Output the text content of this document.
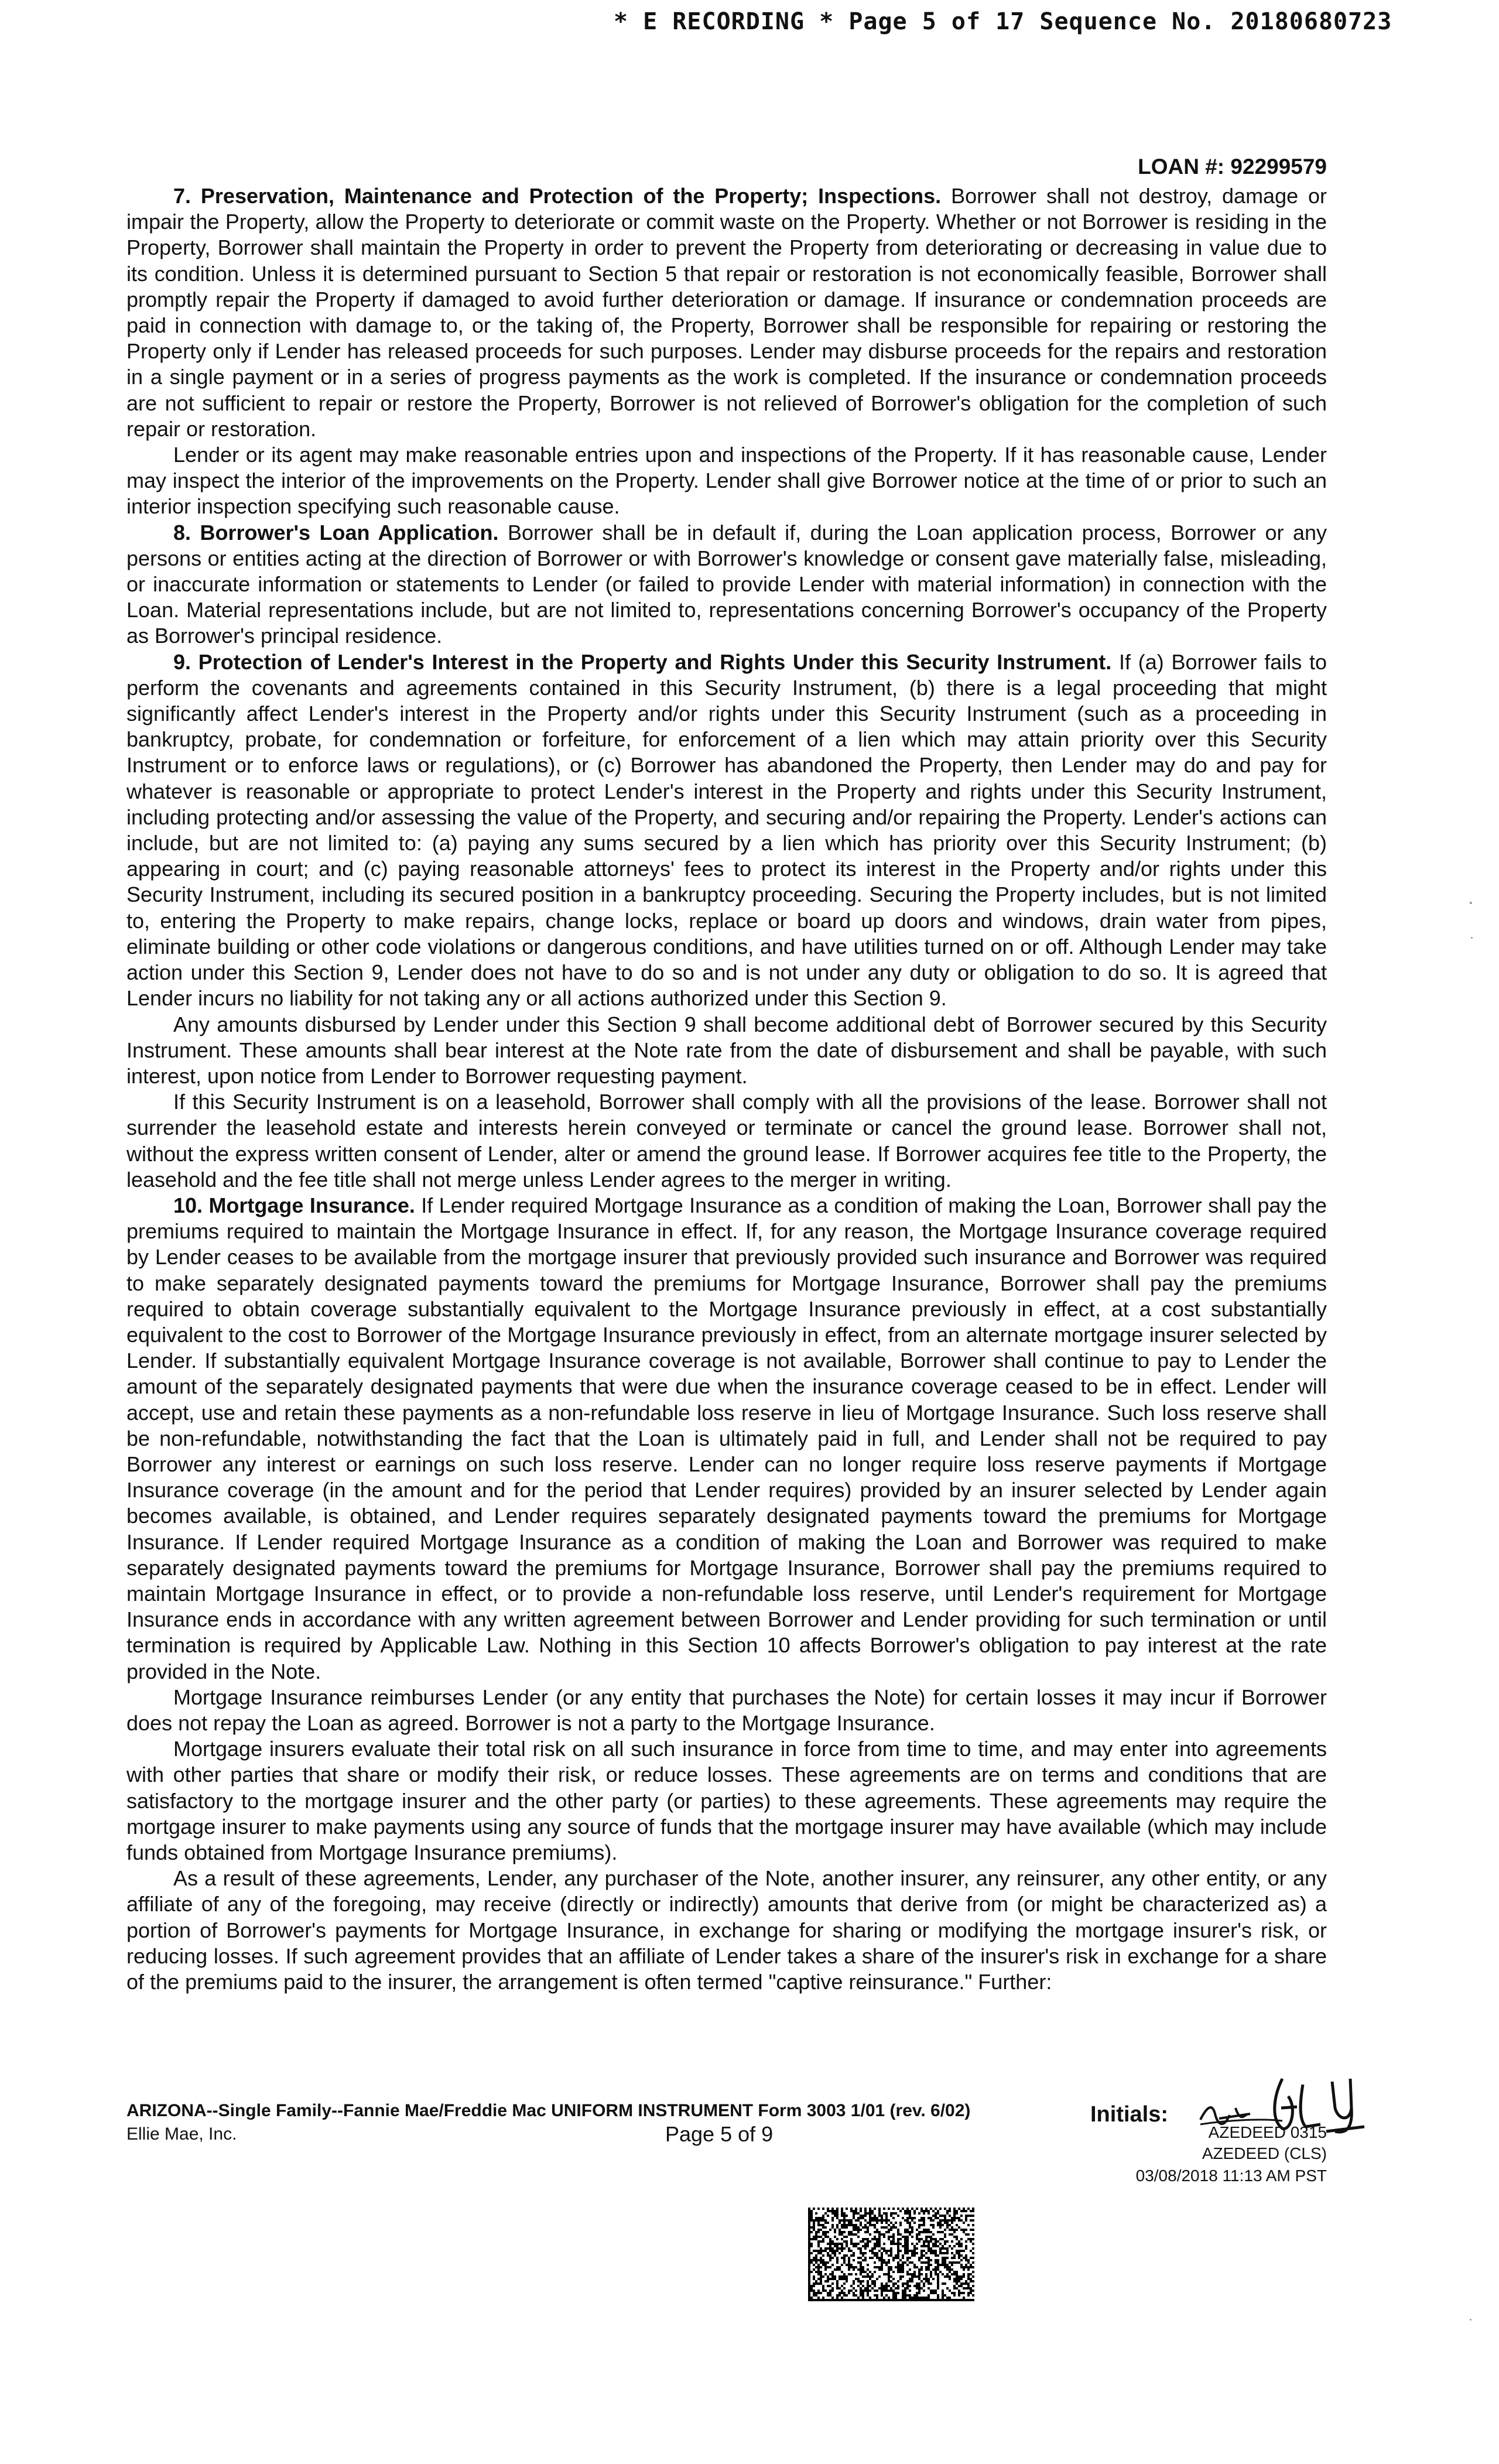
* E RECORDING * Page 5 of 17 Sequence No. 20180680723
LOAN #: 92299579

7. Preservation, Maintenance and Protection of the Property; Inspections. Borrower shall not destroy, damage or impair the Property, allow the Property to deteriorate or commit waste on the Property. Whether or not Borrower is residing in the Property, Borrower shall maintain the Property in order to prevent the Property from deteriorating or decreasing in value due to its condition. Unless it is determined pursuant to Section 5 that repair or restoration is not economically feasible, Borrower shall promptly repair the Property if damaged to avoid further deterioration or damage. If insurance or condemnation proceeds are paid in connection with damage to, or the taking of, the Property, Borrower shall be responsible for repairing or restoring the Property only if Lender has released proceeds for such purposes. Lender may disburse proceeds for the repairs and restoration in a single payment or in a series of progress payments as the work is completed. If the insurance or condemnation proceeds are not sufficient to repair or restore the Property, Borrower is not relieved of Borrower's obligation for the completion of such repair or restoration.

Lender or its agent may make reasonable entries upon and inspections of the Property. If it has reasonable cause, Lender may inspect the interior of the improvements on the Property. Lender shall give Borrower notice at the time of or prior to such an interior inspection specifying such reasonable cause.

8. Borrower's Loan Application. Borrower shall be in default if, during the Loan application process, Borrower or any persons or entities acting at the direction of Borrower or with Borrower's knowledge or consent gave materially false, misleading, or inaccurate information or statements to Lender (or failed to provide Lender with material information) in connection with the Loan. Material representations include, but are not limited to, representations concerning Borrower's occupancy of the Property as Borrower's principal residence.

9. Protection of Lender's Interest in the Property and Rights Under this Security Instrument. If (a) Borrower fails to perform the covenants and agreements contained in this Security Instrument, (b) there is a legal proceeding that might significantly affect Lender's interest in the Property and/or rights under this Security Instrument (such as a proceeding in bankruptcy, probate, for condemnation or forfeiture, for enforcement of a lien which may attain priority over this Security Instrument or to enforce laws or regulations), or (c) Borrower has abandoned the Property, then Lender may do and pay for whatever is reasonable or appropriate to protect Lender's interest in the Property and rights under this Security Instrument, including protecting and/or assessing the value of the Property, and securing and/or repairing the Property. Lender's actions can include, but are not limited to: (a) paying any sums secured by a lien which has priority over this Security Instrument; (b) appearing in court; and (c) paying reasonable attorneys' fees to protect its interest in the Property and/or rights under this Security Instrument, including its secured position in a bankruptcy proceeding. Securing the Property includes, but is not limited to, entering the Property to make repairs, change locks, replace or board up doors and windows, drain water from pipes, eliminate building or other code violations or dangerous conditions, and have utilities turned on or off. Although Lender may take action under this Section 9, Lender does not have to do so and is not under any duty or obligation to do so. It is agreed that Lender incurs no liability for not taking any or all actions authorized under this Section 9.

Any amounts disbursed by Lender under this Section 9 shall become additional debt of Borrower secured by this Security Instrument. These amounts shall bear interest at the Note rate from the date of disbursement and shall be payable, with such interest, upon notice from Lender to Borrower requesting payment.

If this Security Instrument is on a leasehold, Borrower shall comply with all the provisions of the lease. Borrower shall not surrender the leasehold estate and interests herein conveyed or terminate or cancel the ground lease. Borrower shall not, without the express written consent of Lender, alter or amend the ground lease. If Borrower acquires fee title to the Property, the leasehold and the fee title shall not merge unless Lender agrees to the merger in writing.

10. Mortgage Insurance. If Lender required Mortgage Insurance as a condition of making the Loan, Borrower shall pay the premiums required to maintain the Mortgage Insurance in effect. If, for any reason, the Mortgage Insurance coverage required by Lender ceases to be available from the mortgage insurer that previously provided such insurance and Borrower was required to make separately designated payments toward the premiums for Mortgage Insurance, Borrower shall pay the premiums required to obtain coverage substantially equivalent to the Mortgage Insurance previously in effect, at a cost substantially equivalent to the cost to Borrower of the Mortgage Insurance previously in effect, from an alternate mortgage insurer selected by Lender. If substantially equivalent Mortgage Insurance coverage is not available, Borrower shall continue to pay to Lender the amount of the separately designated payments that were due when the insurance coverage ceased to be in effect. Lender will accept, use and retain these payments as a non-refundable loss reserve in lieu of Mortgage Insurance. Such loss reserve shall be non-refundable, notwithstanding the fact that the Loan is ultimately paid in full, and Lender shall not be required to pay Borrower any interest or earnings on such loss reserve. Lender can no longer require loss reserve payments if Mortgage Insurance coverage (in the amount and for the period that Lender requires) provided by an insurer selected by Lender again becomes available, is obtained, and Lender requires separately designated payments toward the premiums for Mortgage Insurance. If Lender required Mortgage Insurance as a condition of making the Loan and Borrower was required to make separately designated payments toward the premiums for Mortgage Insurance, Borrower shall pay the premiums required to maintain Mortgage Insurance in effect, or to provide a non-refundable loss reserve, until Lender's requirement for Mortgage Insurance ends in accordance with any written agreement between Borrower and Lender providing for such termination or until termination is required by Applicable Law. Nothing in this Section 10 affects Borrower's obligation to pay interest at the rate provided in the Note.

Mortgage Insurance reimburses Lender (or any entity that purchases the Note) for certain losses it may incur if Borrower does not repay the Loan as agreed. Borrower is not a party to the Mortgage Insurance.

Mortgage insurers evaluate their total risk on all such insurance in force from time to time, and may enter into agreements with other parties that share or modify their risk, or reduce losses. These agreements are on terms and conditions that are satisfactory to the mortgage insurer and the other party (or parties) to these agreements. These agreements may require the mortgage insurer to make payments using any source of funds that the mortgage insurer may have available (which may include funds obtained from Mortgage Insurance premiums).

As a result of these agreements, Lender, any purchaser of the Note, another insurer, any reinsurer, any other entity, or any affiliate of any of the foregoing, may receive (directly or indirectly) amounts that derive from (or might be characterized as) a portion of Borrower's payments for Mortgage Insurance, in exchange for sharing or modifying the mortgage insurer's risk, or reducing losses. If such agreement provides that an affiliate of Lender takes a share of the insurer's risk in exchange for a share of the premiums paid to the insurer, the arrangement is often termed "captive reinsurance." Further:

ARIZONA--Single Family--Fannie Mae/Freddie Mac UNIFORM INSTRUMENT Form 3003 1/01 (rev. 6/02)
Ellie Mae, Inc.	Page 5 of 9
Initials:
AZEDEED 0315
AZEDEED (CLS)
03/08/2018 11:13 AM PST
